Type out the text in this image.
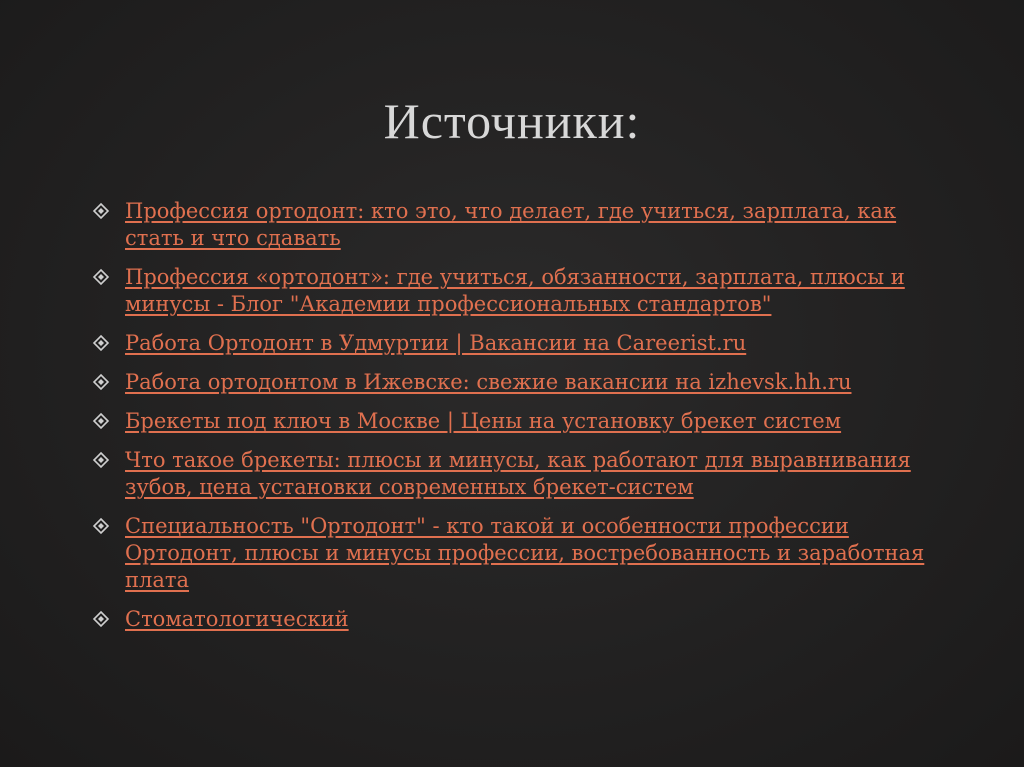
Источники:
Профессия ортодонт: кто это, что делает, где учиться, зарплата, как стать и что сдавать
Профессия «ортодонт»: где учиться, обязанности, зарплата, плюсы и минусы - Блог "Академии профессиональных стандартов"
Работа Ортодонт в Удмуртии | Вакансии на Careerist.ru
Работа ортодонтом в Ижевске: свежие вакансии на izhevsk.hh.ru
Брекеты под ключ в Москве | Цены на установку брекет систем
Что такое брекеты: плюсы и минусы, как работают для выравнивания зубов, цена установки современных брекет-систем
Специальность "Ортодонт" - кто такой и особенности профессии Ортодонт, плюсы и минусы профессии, востребованность и заработная плата
Стоматологический
